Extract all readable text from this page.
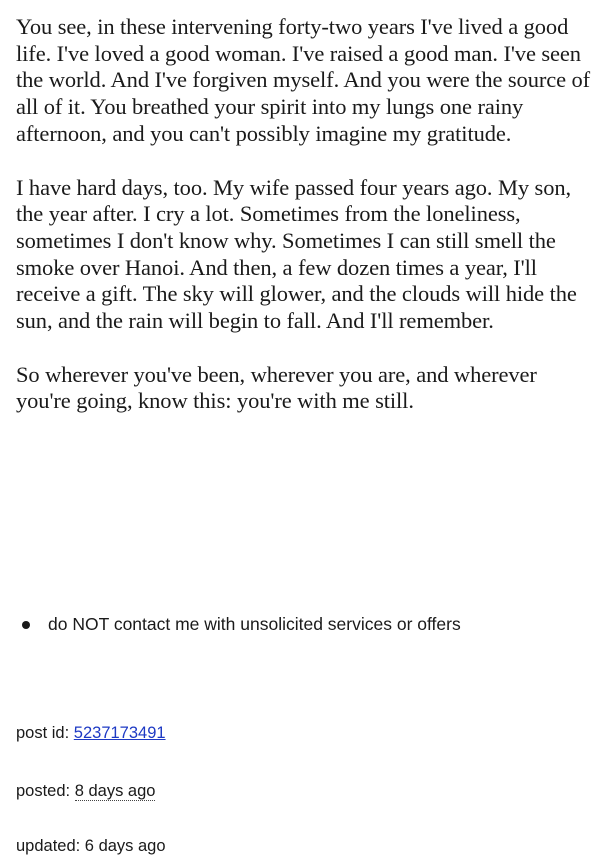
You see, in these intervening forty-two years I've lived a good life. I've loved a good woman. I've raised a good man. I've seen the world. And I've forgiven myself. And you were the source of all of it. You breathed your spirit into my lungs one rainy afternoon, and you can't possibly imagine my gratitude.

I have hard days, too. My wife passed four years ago. My son, the year after. I cry a lot. Sometimes from the loneliness, sometimes I don't know why. Sometimes I can still smell the smoke over Hanoi. And then, a few dozen times a year, I'll receive a gift. The sky will glower, and the clouds will hide the sun, and the rain will begin to fall. And I'll remember.

So wherever you've been, wherever you are, and wherever you're going, know this: you're with me still.

do NOT contact me with unsolicited services or offers
post id: 5237173491
posted: 8 days ago
updated: 6 days ago
